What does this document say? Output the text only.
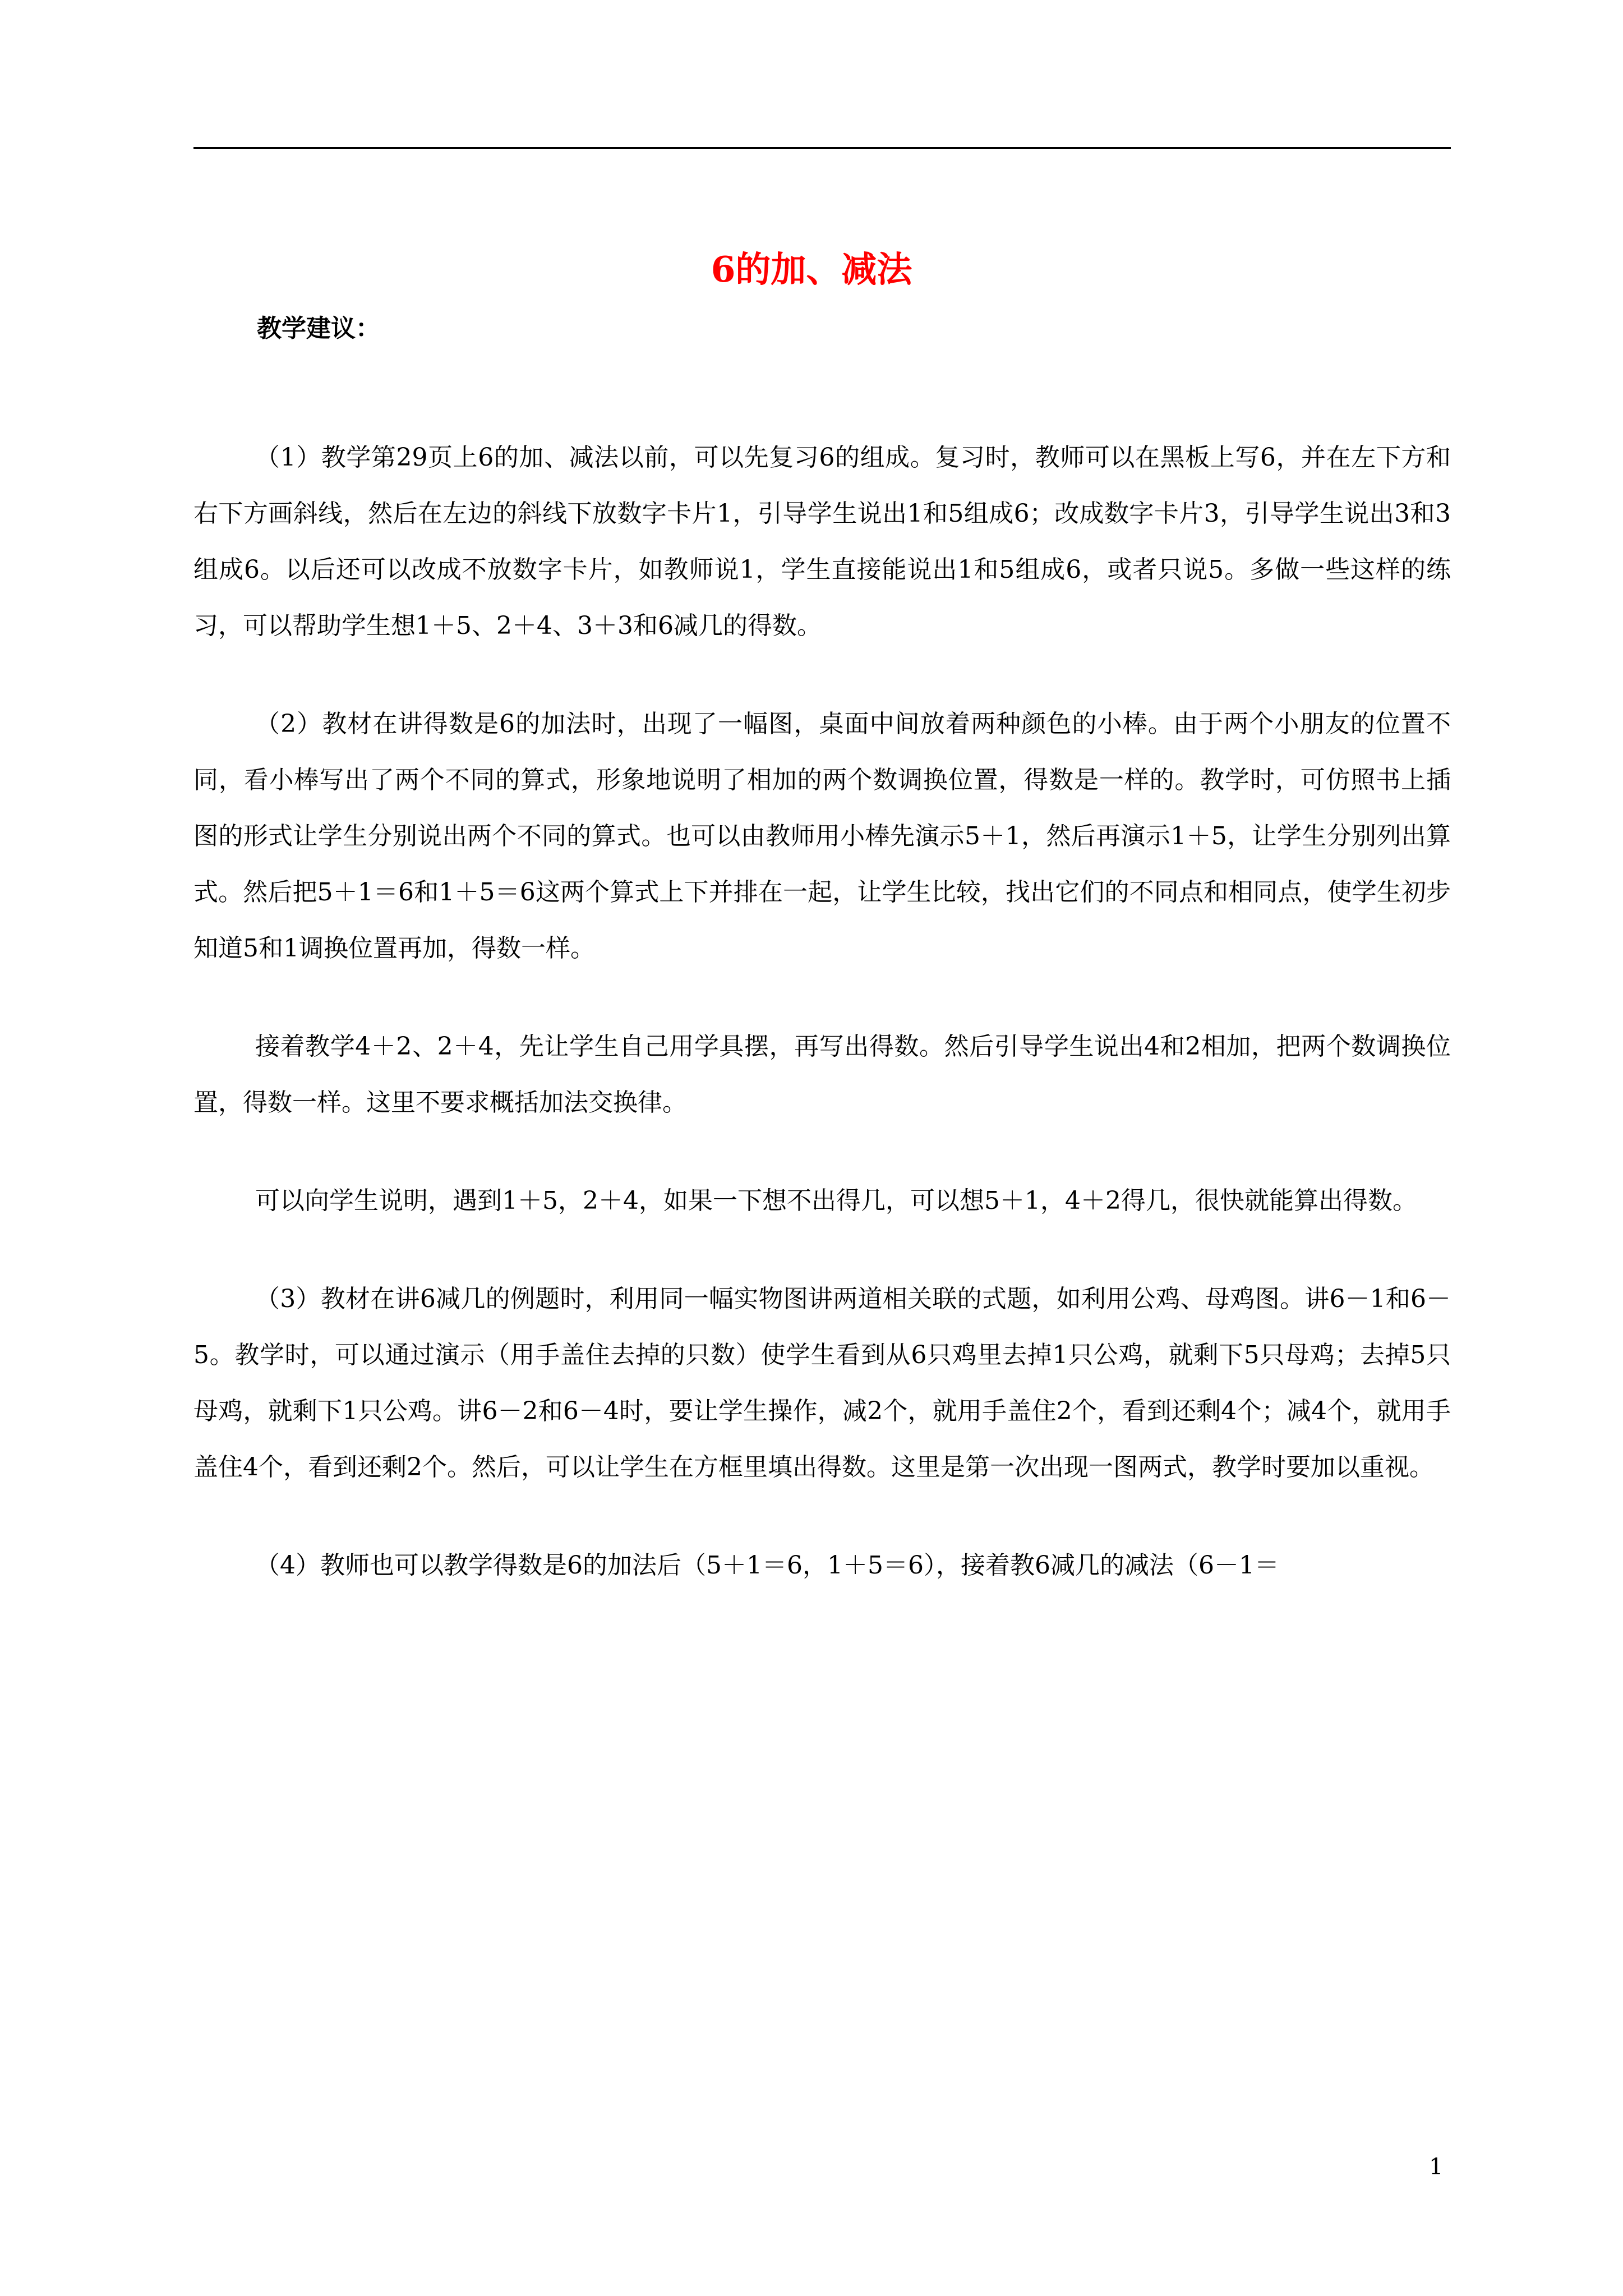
6的加、减法

教学建议：

（1）教学第29页上6的加、减法以前，可以先复习6的组成。复习时，教师可以在黑板上写6，并在左下方和右下方画斜线，然后在左边的斜线下放数字卡片1，引导学生说出1和5组成6；改成数字卡片3，引导学生说出3和3组成6。以后还可以改成不放数字卡片，如教师说1，学生直接能说出1和5组成6，或者只说5。多做一些这样的练习，可以帮助学生想1＋5、2＋4、3＋3和6减几的得数。

（2）教材在讲得数是6的加法时，出现了一幅图，桌面中间放着两种颜色的小棒。由于两个小朋友的位置不同，看小棒写出了两个不同的算式，形象地说明了相加的两个数调换位置，得数是一样的。教学时，可仿照书上插图的形式让学生分别说出两个不同的算式。也可以由教师用小棒先演示5＋1，然后再演示1＋5，让学生分别列出算式。然后把5＋1＝6和1＋5＝6这两个算式上下并排在一起，让学生比较，找出它们的不同点和相同点，使学生初步知道5和1调换位置再加，得数一样。

接着教学4＋2、2＋4，先让学生自己用学具摆，再写出得数。然后引导学生说出4和2相加，把两个数调换位置，得数一样。这里不要求概括加法交换律。

可以向学生说明，遇到1＋5，2＋4，如果一下想不出得几，可以想5＋1，4＋2得几，很快就能算出得数。

（3）教材在讲6减几的例题时，利用同一幅实物图讲两道相关联的式题，如利用公鸡、母鸡图。讲6－1和6－5。教学时，可以通过演示（用手盖住去掉的只数）使学生看到从6只鸡里去掉1只公鸡，就剩下5只母鸡；去掉5只母鸡，就剩下1只公鸡。讲6－2和6－4时，要让学生操作，减2个，就用手盖住2个，看到还剩4个；减4个，就用手盖住4个，看到还剩2个。然后，可以让学生在方框里填出得数。这里是第一次出现一图两式，教学时要加以重视。

（4）教师也可以教学得数是6的加法后（5＋1＝6，1＋5＝6），接着教6减几的减法（6－1＝

1
